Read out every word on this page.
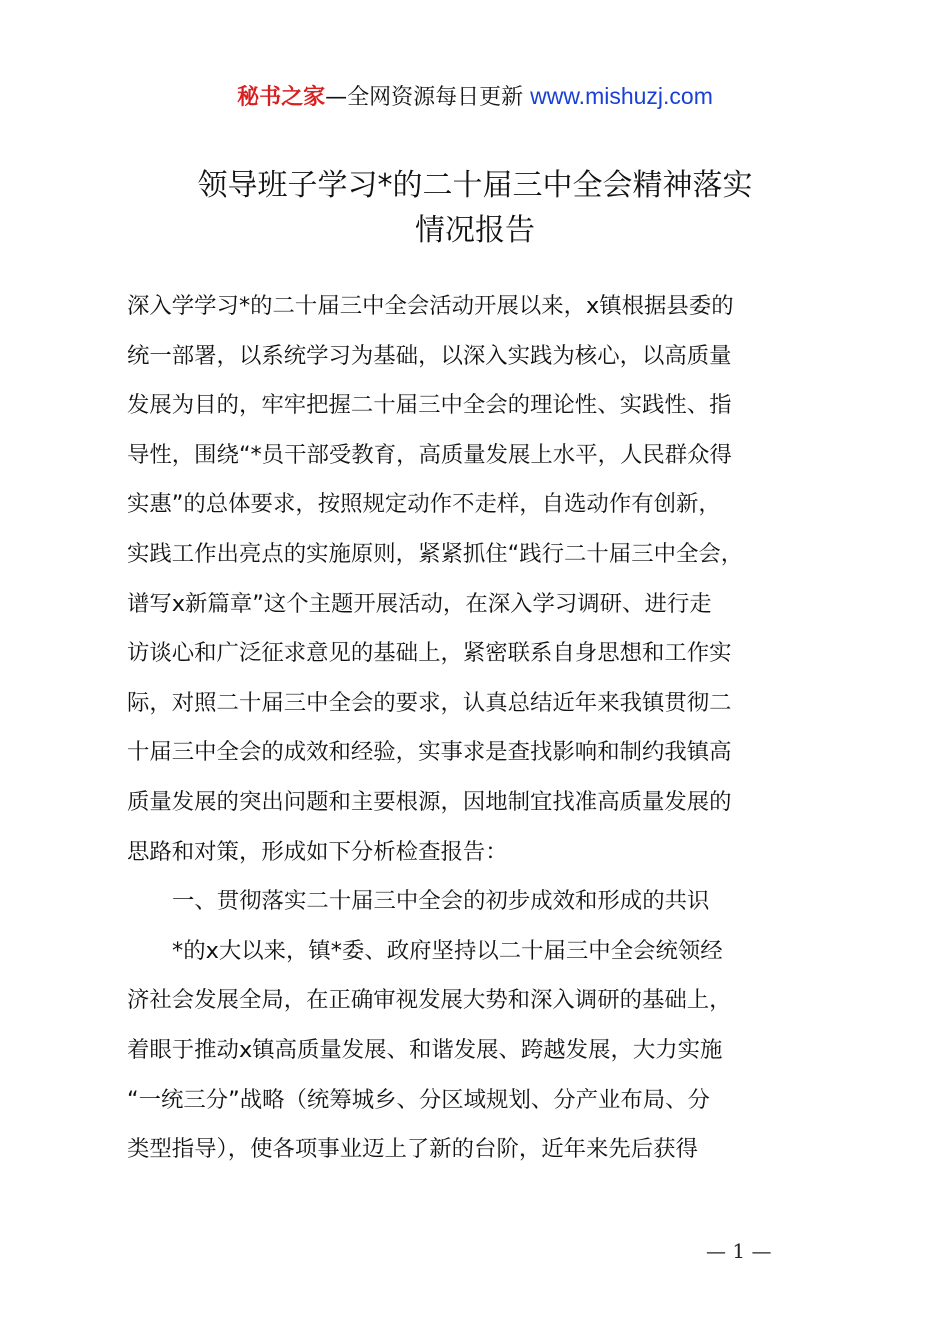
秘书之家—全网资源每日更新 www.mishuzj.com
领导班子学习*的二十届三中全会精神落实
情况报告
深入学学习*的二十届三中全会活动开展以来，x镇根据县委的
统一部署，以系统学习为基础，以深入实践为核心，以高质量
发展为目的，牢牢把握二十届三中全会的理论性、实践性、指
导性，围绕“*员干部受教育，高质量发展上水平，人民群众得
实惠”的总体要求，按照规定动作不走样，自选动作有创新，
实践工作出亮点的实施原则，紧紧抓住“践行二十届三中全会，
谱写x新篇章”这个主题开展活动，在深入学习调研、进行走
访谈心和广泛征求意见的基础上，紧密联系自身思想和工作实
际，对照二十届三中全会的要求，认真总结近年来我镇贯彻二
十届三中全会的成效和经验，实事求是查找影响和制约我镇高
质量发展的突出问题和主要根源，因地制宜找准高质量发展的
思路和对策，形成如下分析检查报告：
一、贯彻落实二十届三中全会的初步成效和形成的共识
*的x大以来，镇*委、政府坚持以二十届三中全会统领经
济社会发展全局，在正确审视发展大势和深入调研的基础上，
着眼于推动x镇高质量发展、和谐发展、跨越发展，大力实施
“一统三分”战略（统筹城乡、分区域规划、分产业布局、分
类型指导），使各项事业迈上了新的台阶，近年来先后获得
— 1 —
